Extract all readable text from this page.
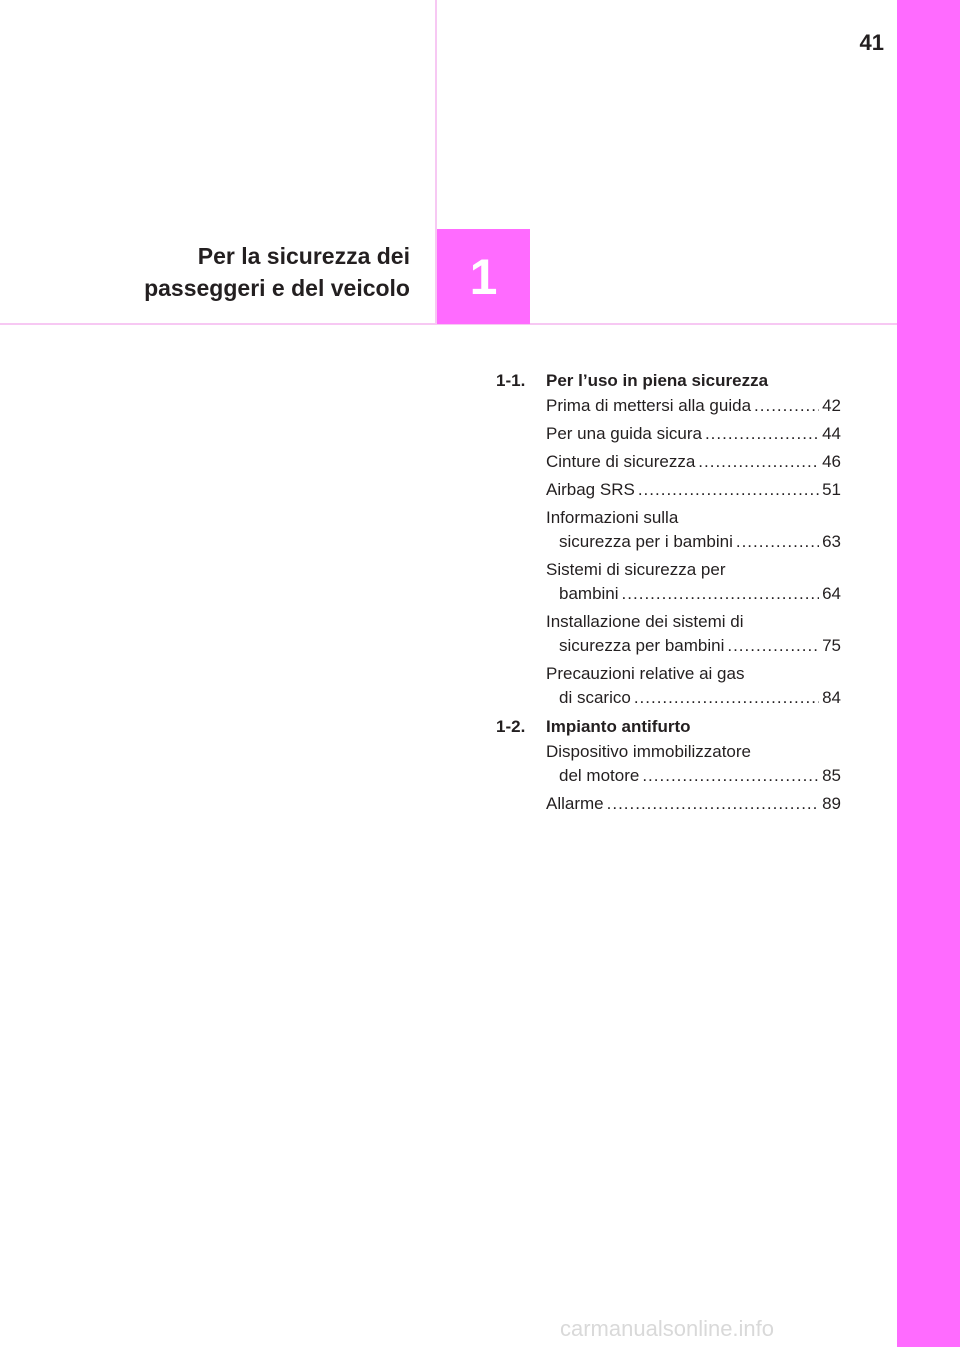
41
Per la sicurezza dei
passeggeri e del veicolo 1
1-1.	Per l’uso in piena sicurezza
Prima di mettersi alla guida .....	42
Per una guida sicura .....	44
Cinture di sicurezza .....	46
Airbag SRS .....	51
Informazioni sulla
sicurezza per i bambini .....	63
Sistemi di sicurezza per
bambini .....	64
Installazione dei sistemi di
sicurezza per bambini .....	75
Precauzioni relative ai gas
di scarico .....	84
1-2.	Impianto antifurto
Dispositivo immobilizzatore
del motore .....	85
Allarme .....	89
carmanualsonline.info
